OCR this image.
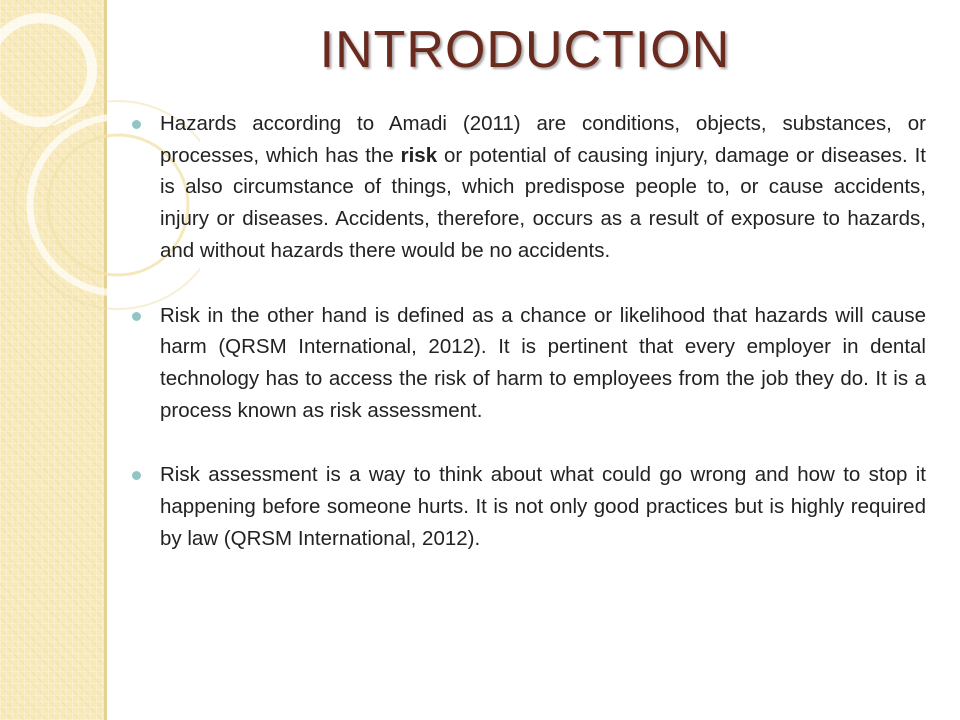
INTRODUCTION

Hazards according to Amadi (2011) are conditions, objects, substances, or processes, which has the risk or potential of causing injury, damage or diseases. It is also circumstance of things, which predispose people to, or cause accidents, injury or diseases. Accidents, therefore, occurs as a result of exposure to hazards, and without hazards there would be no accidents.

Risk in the other hand is defined as a chance or likelihood that hazards will cause harm (QRSM International, 2012). It is pertinent that every employer in dental technology has to access the risk of harm to employees from the job they do. It is a process known as risk assessment.

Risk assessment is a way to think about what could go wrong and how to stop it happening before someone hurts. It is not only good practices but is highly required by law (QRSM International, 2012).
